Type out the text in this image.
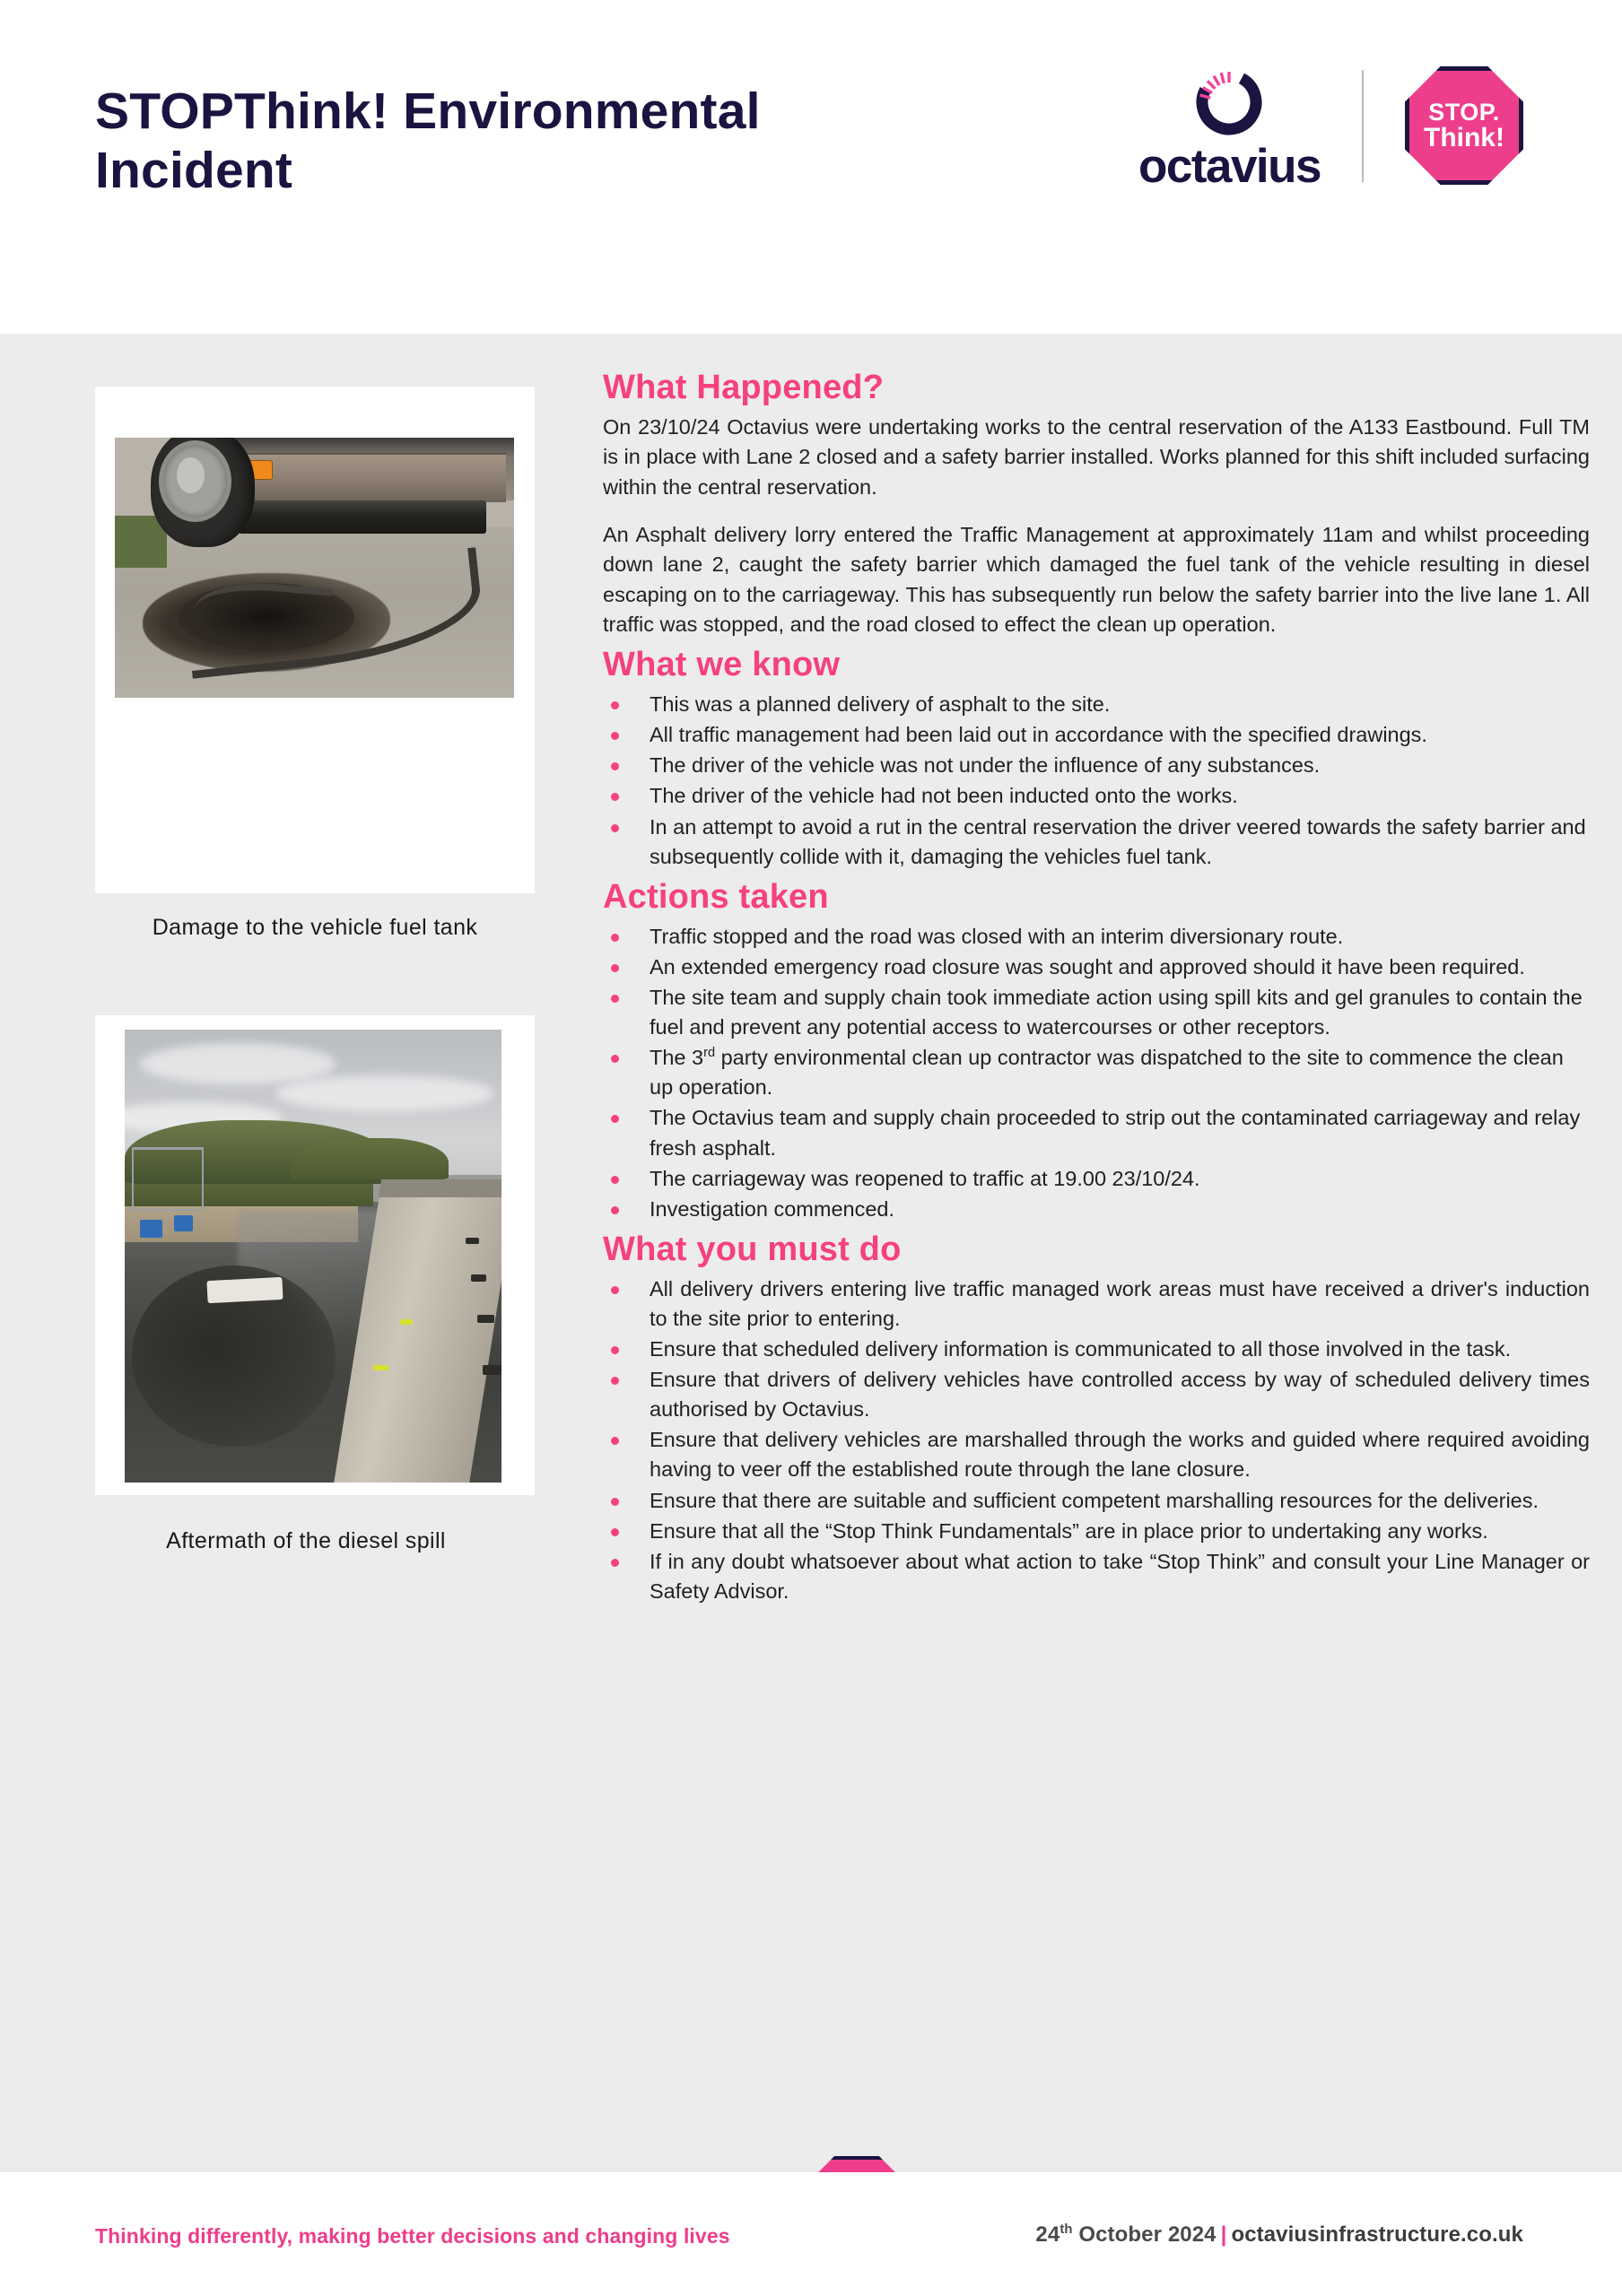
STOPThink! Environmental Incident	octavius
STOP.
Think!
Damage to the vehicle fuel tank
Aftermath of the diesel spill
What Happened?

On 23/10/24 Octavius were undertaking works to the central reservation of the A133 Eastbound. Full TM is in place with Lane 2 closed and a safety barrier installed. Works planned for this shift included surfacing within the central reservation.

An Asphalt delivery lorry entered the Traffic Management at approximately 11am and whilst proceeding down lane 2, caught the safety barrier which damaged the fuel tank of the vehicle resulting in diesel escaping on to the carriageway. This has subsequently run below the safety barrier into the live lane 1. All traffic was stopped, and the road closed to effect the clean up operation.

What we know
This was a planned delivery of asphalt to the site.
All traffic management had been laid out in accordance with the specified drawings.
The driver of the vehicle was not under the influence of any substances.
The driver of the vehicle had not been inducted onto the works.
In an attempt to avoid a rut in the central reservation the driver veered towards the safety barrier and subsequently collide with it, damaging the vehicles fuel tank.
Actions taken
Traffic stopped and the road was closed with an interim diversionary route.
An extended emergency road closure was sought and approved should it have been required.
The site team and supply chain took immediate action using spill kits and gel granules to contain the fuel and prevent any potential access to watercourses or other receptors.
The 3rd party environmental clean up contractor was dispatched to the site to commence the clean up operation.
The Octavius team and supply chain proceeded to strip out the contaminated carriageway and relay fresh asphalt.
The carriageway was reopened to traffic at 19.00 23/10/24.
Investigation commenced.
What you must do
All delivery drivers entering live traffic managed work areas must have received a driver's induction to the site prior to entering.
Ensure that scheduled delivery information is communicated to all those involved in the task.
Ensure that drivers of delivery vehicles have controlled access by way of scheduled delivery times authorised by Octavius.
Ensure that delivery vehicles are marshalled through the works and guided where required avoiding having to veer off the established route through the lane closure.
Ensure that there are suitable and sufficient competent marshalling resources for the deliveries.
Ensure that all the “Stop Think Fundamentals” are in place prior to undertaking any works.
If in any doubt whatsoever about what action to take “Stop Think” and consult your Line Manager or Safety Advisor.
STOP.
Think!
It's OK to speak up and stop work if you have concerns.
Thinking differently, making better decisions and changing lives	24th October 2024 | octaviusinfrastructure.co.uk
